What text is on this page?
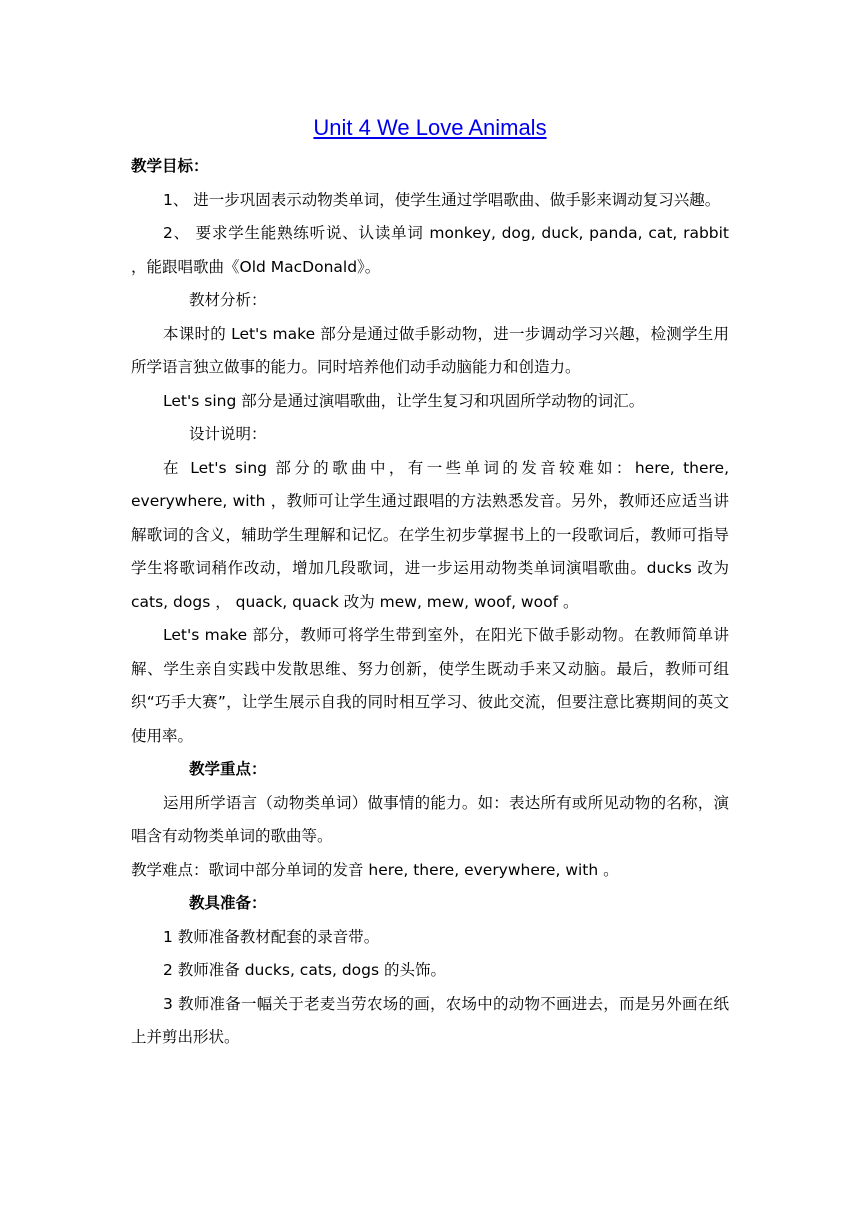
Unit 4 We Love Animals

教学目标：

1、 进一步巩固表示动物类单词，使学生通过学唱歌曲、做手影来调动复习兴趣。

2、 要求学生能熟练听说、认读单词 monkey, dog, duck, panda, cat, rabbit ，能跟唱歌曲《Old MacDonald》。

教材分析：

本课时的 Let's make 部分是通过做手影动物，进一步调动学习兴趣，检测学生用所学语言独立做事的能力。同时培养他们动手动脑能力和创造力。

Let's sing 部分是通过演唱歌曲，让学生复习和巩固所学动物的词汇。

设计说明：

在 Let's sing 部分的歌曲中，有一些单词的发音较难如：here, there, everywhere, with ，教师可让学生通过跟唱的方法熟悉发音。另外，教师还应适当讲解歌词的含义，辅助学生理解和记忆。在学生初步掌握书上的一段歌词后，教师可指导学生将歌词稍作改动，增加几段歌词，进一步运用动物类单词演唱歌曲。ducks 改为 cats, dogs ， quack, quack 改为 mew, mew, woof, woof 。

Let's make 部分，教师可将学生带到室外，在阳光下做手影动物。在教师简单讲解、学生亲自实践中发散思维、努力创新，使学生既动手来又动脑。最后，教师可组织“巧手大赛”，让学生展示自我的同时相互学习、彼此交流，但要注意比赛期间的英文使用率。

教学重点：

运用所学语言（动物类单词）做事情的能力。如：表达所有或所见动物的名称，演唱含有动物类单词的歌曲等。

教学难点：歌词中部分单词的发音 here, there, everywhere, with 。

教具准备：

1 教师准备教材配套的录音带。

2 教师准备 ducks, cats, dogs 的头饰。

3 教师准备一幅关于老麦当劳农场的画，农场中的动物不画进去，而是另外画在纸上并剪出形状。
